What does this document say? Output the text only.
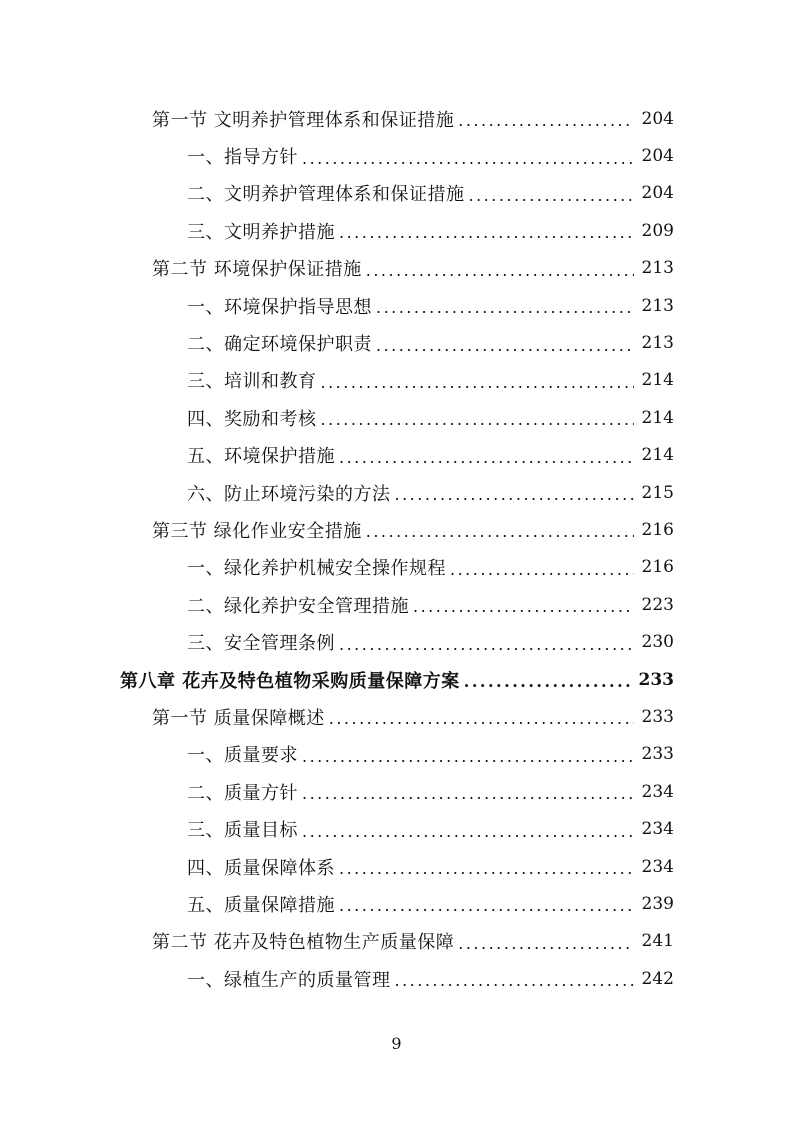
第一节 文明养护管理体系和保证措施 .....	204
一、指导方针 .....	204
二、文明养护管理体系和保证措施 .....	204
三、文明养护措施 .....	209
第二节 环境保护保证措施 .....	213
一、环境保护指导思想 .....	213
二、确定环境保护职责 .....	213
三、培训和教育 .....	214
四、奖励和考核 .....	214
五、环境保护措施 .....	214
六、防止环境污染的方法 .....	215
第三节 绿化作业安全措施 .....	216
一、绿化养护机械安全操作规程 .....	216
二、绿化养护安全管理措施 .....	223
三、安全管理条例 .....	230
第八章 花卉及特色植物采购质量保障方案 .....	233
第一节 质量保障概述 .....	233
一、质量要求 .....	233
二、质量方针 .....	234
三、质量目标 .....	234
四、质量保障体系 .....	234
五、质量保障措施 .....	239
第二节 花卉及特色植物生产质量保障 .....	241
一、绿植生产的质量管理 .....	242
9
